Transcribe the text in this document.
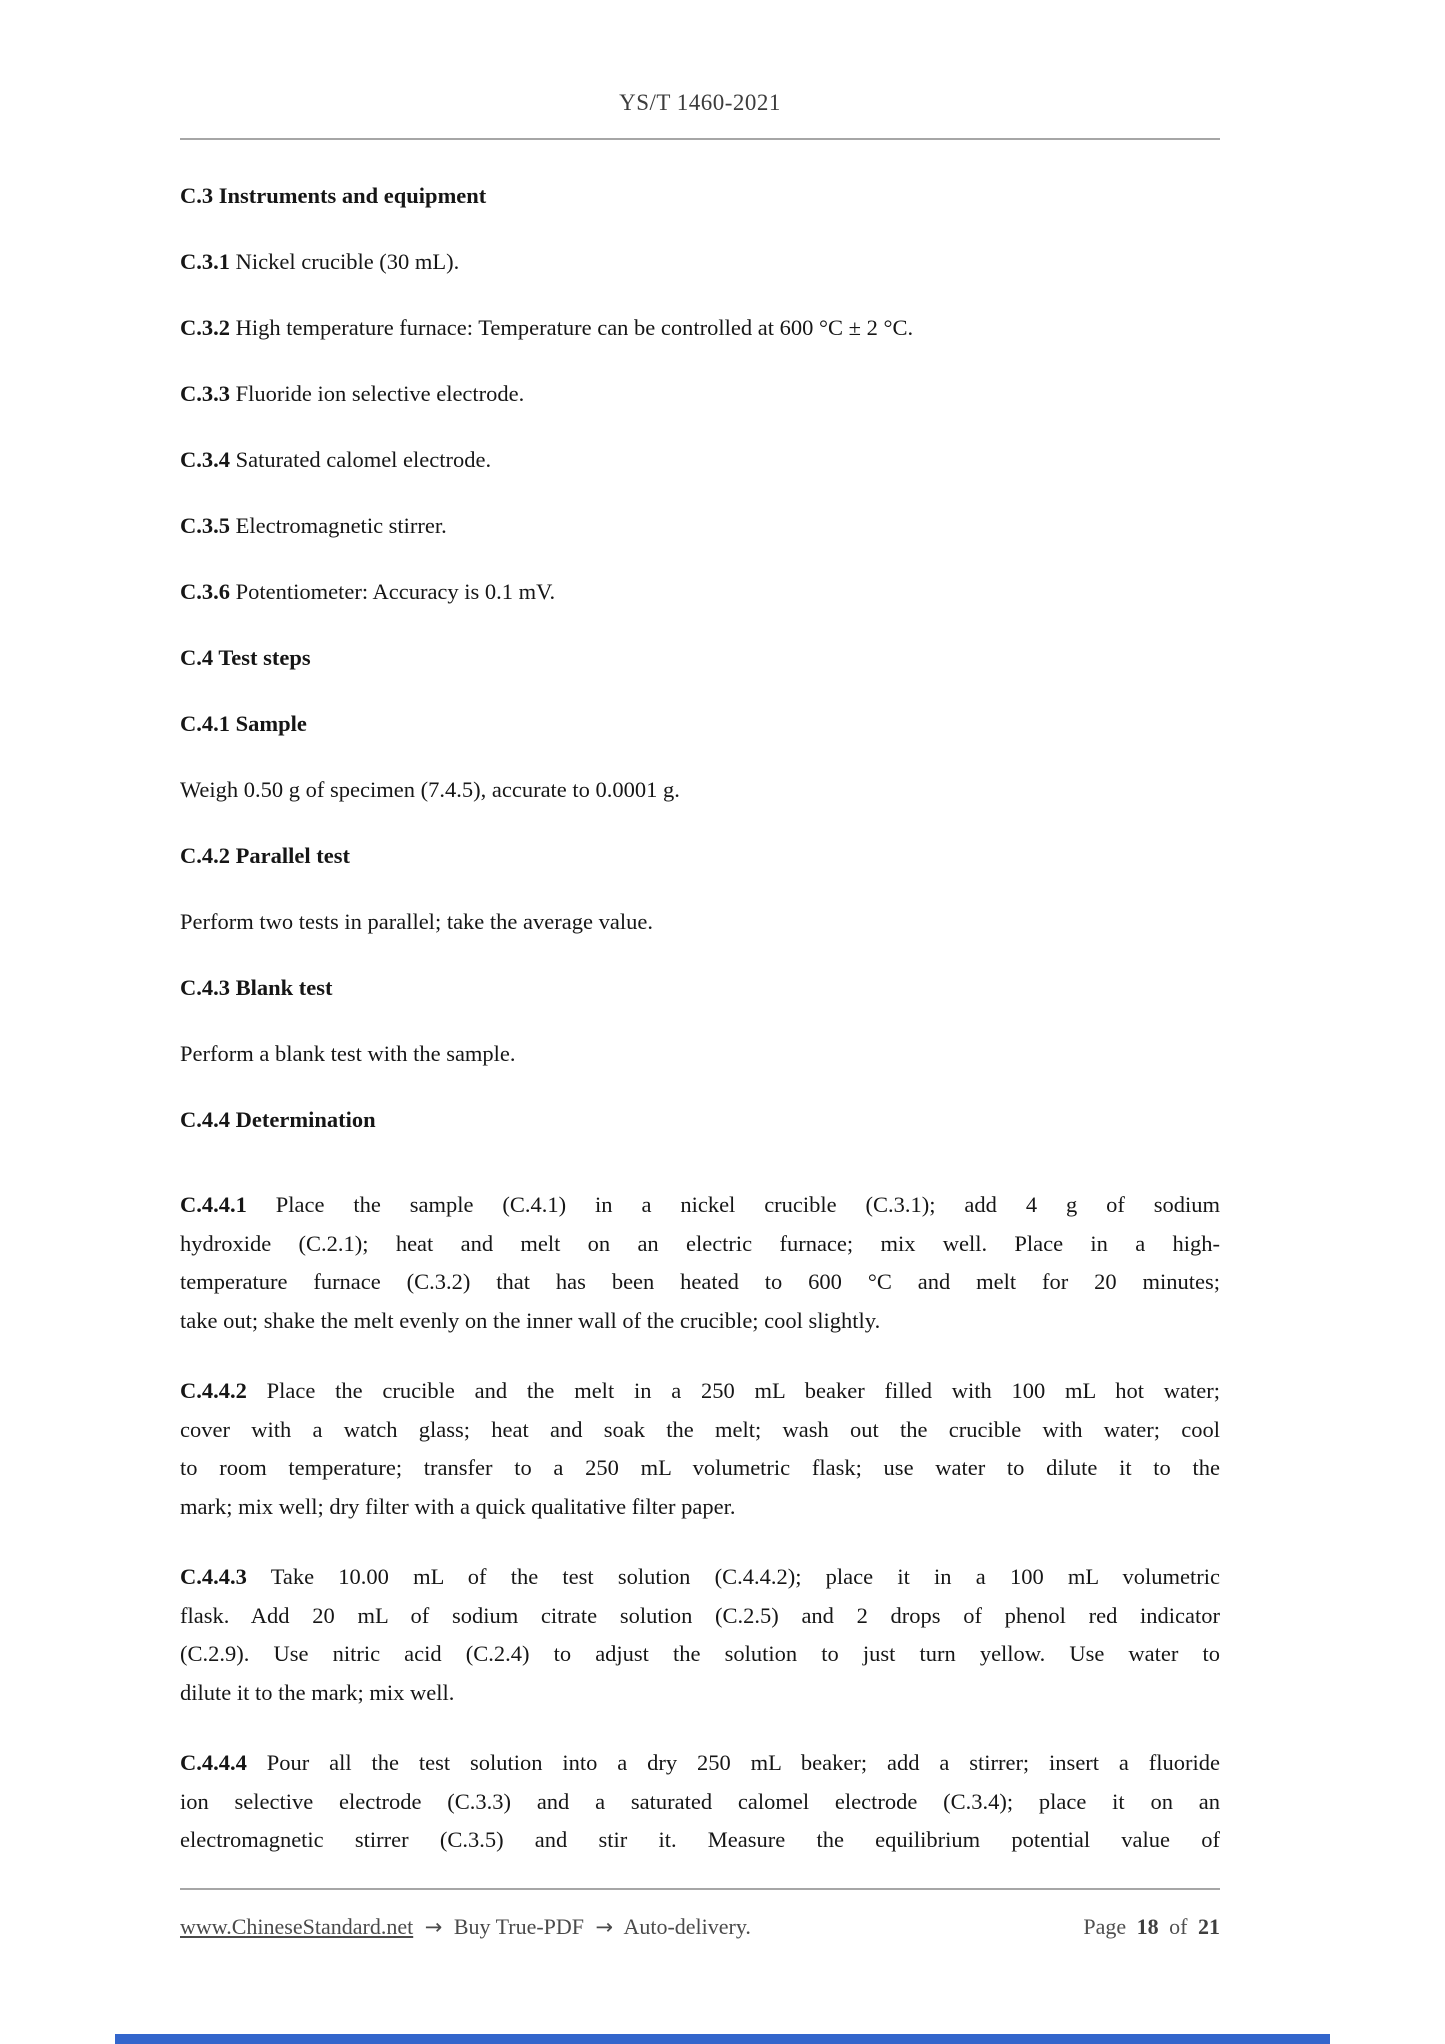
YS/T 1460-2021
C.3 Instruments and equipment

C.3.1 Nickel crucible (30 mL).

C.3.2 High temperature furnace: Temperature can be controlled at 600 °C ± 2 °C.

C.3.3 Fluoride ion selective electrode.

C.3.4 Saturated calomel electrode.

C.3.5 Electromagnetic stirrer.

C.3.6 Potentiometer: Accuracy is 0.1 mV.

C.4 Test steps
C.4.1 Sample

Weigh 0.50 g of specimen (7.4.5), accurate to 0.0001 g.

C.4.2 Parallel test

Perform two tests in parallel; take the average value.

C.4.3 Blank test

Perform a blank test with the sample.

C.4.4 Determination
C.4.4.1 Place the sample (C.4.1) in a nickel crucible (C.3.1); add 4 g of sodium
hydroxide (C.2.1); heat and melt on an electric furnace; mix well. Place in a high-
temperature furnace (C.3.2) that has been heated to 600 °C and melt for 20 minutes;
take out; shake the melt evenly on the inner wall of the crucible; cool slightly.
C.4.4.2 Place the crucible and the melt in a 250 mL beaker filled with 100 mL hot water;
cover with a watch glass; heat and soak the melt; wash out the crucible with water; cool
to room temperature; transfer to a 250 mL volumetric flask; use water to dilute it to the
mark; mix well; dry filter with a quick qualitative filter paper.
C.4.4.3 Take 10.00 mL of the test solution (C.4.4.2); place it in a 100 mL volumetric
flask. Add 20 mL of sodium citrate solution (C.2.5) and 2 drops of phenol red indicator
(C.2.9). Use nitric acid (C.2.4) to adjust the solution to just turn yellow. Use water to
dilute it to the mark; mix well.
C.4.4.4 Pour all the test solution into a dry 250 mL beaker; add a stirrer; insert a fluoride
ion selective electrode (C.3.3) and a saturated calomel electrode (C.3.4); place it on an
electromagnetic stirrer (C.3.5) and stir it. Measure the equilibrium potential value of
www.ChineseStandard.net → Buy True-PDF → Auto-delivery.	Page 18 of 21
